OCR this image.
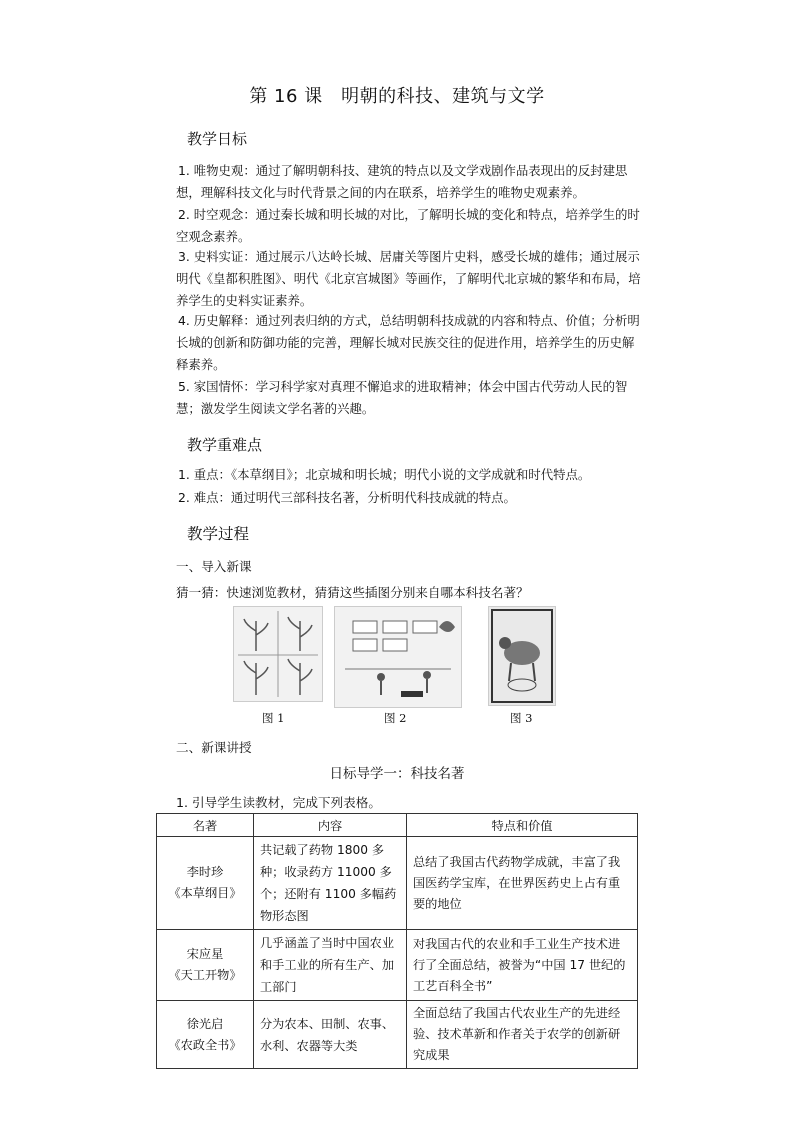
第 16 课　明朝的科技、建筑与文学
教学日标
1. 唯物史观：通过了解明朝科技、建筑的特点以及文学戏剧作品表现出的反封建思想，理解科技文化与时代背景之间的内在联系，培养学生的唯物史观素养。
2. 时空观念：通过秦长城和明长城的对比，了解明长城的变化和特点，培养学生的时空观念素养。
3. 史料实证：通过展示八达岭长城、居庸关等图片史料，感受长城的雄伟；通过展示明代《皇都积胜图》、明代《北京宫城图》等画作，了解明代北京城的繁华和布局，培养学生的史料实证素养。
4. 历史解释：通过列表归纳的方式，总结明朝科技成就的内容和特点、价值；分析明长城的创新和防御功能的完善，理解长城对民族交往的促进作用，培养学生的历史解释素养。
5. 家国情怀：学习科学家对真理不懈追求的进取精神；体会中国古代劳动人民的智慧；激发学生阅读文学名著的兴趣。
教学重难点
1. 重点：《本草纲目》；北京城和明长城；明代小说的文学成就和时代特点。
2. 难点：通过明代三部科技名著，分析明代科技成就的特点。
教学过程
一、导入新课
猜一猜：快速浏览教材，猜猜这些插图分别来自哪本科技名著？
图 1	图 2	图 3
二、新课讲授
日标导学一：科技名著
1. 引导学生读教材，完成下列表格。
名著	内容	特点和价值

李时珍
《本草纲目》	共记载了药物 1800 多种；收录药方 11000 多个；还附有 1100 多幅药物形态图	总结了我国古代药物学成就，丰富了我国医药学宝库，在世界医药史上占有重要的地位

宋应星
《天工开物》	几乎涵盖了当时中国农业和手工业的所有生产、加工部门	对我国古代的农业和手工业生产技术进行了全面总结，被誉为“中国 17 世纪的工艺百科全书”

徐光启
《农政全书》	分为农本、田制、农事、水利、农器等大类	全面总结了我国古代农业生产的先进经验、技术革新和作者关于农学的创新研究成果
